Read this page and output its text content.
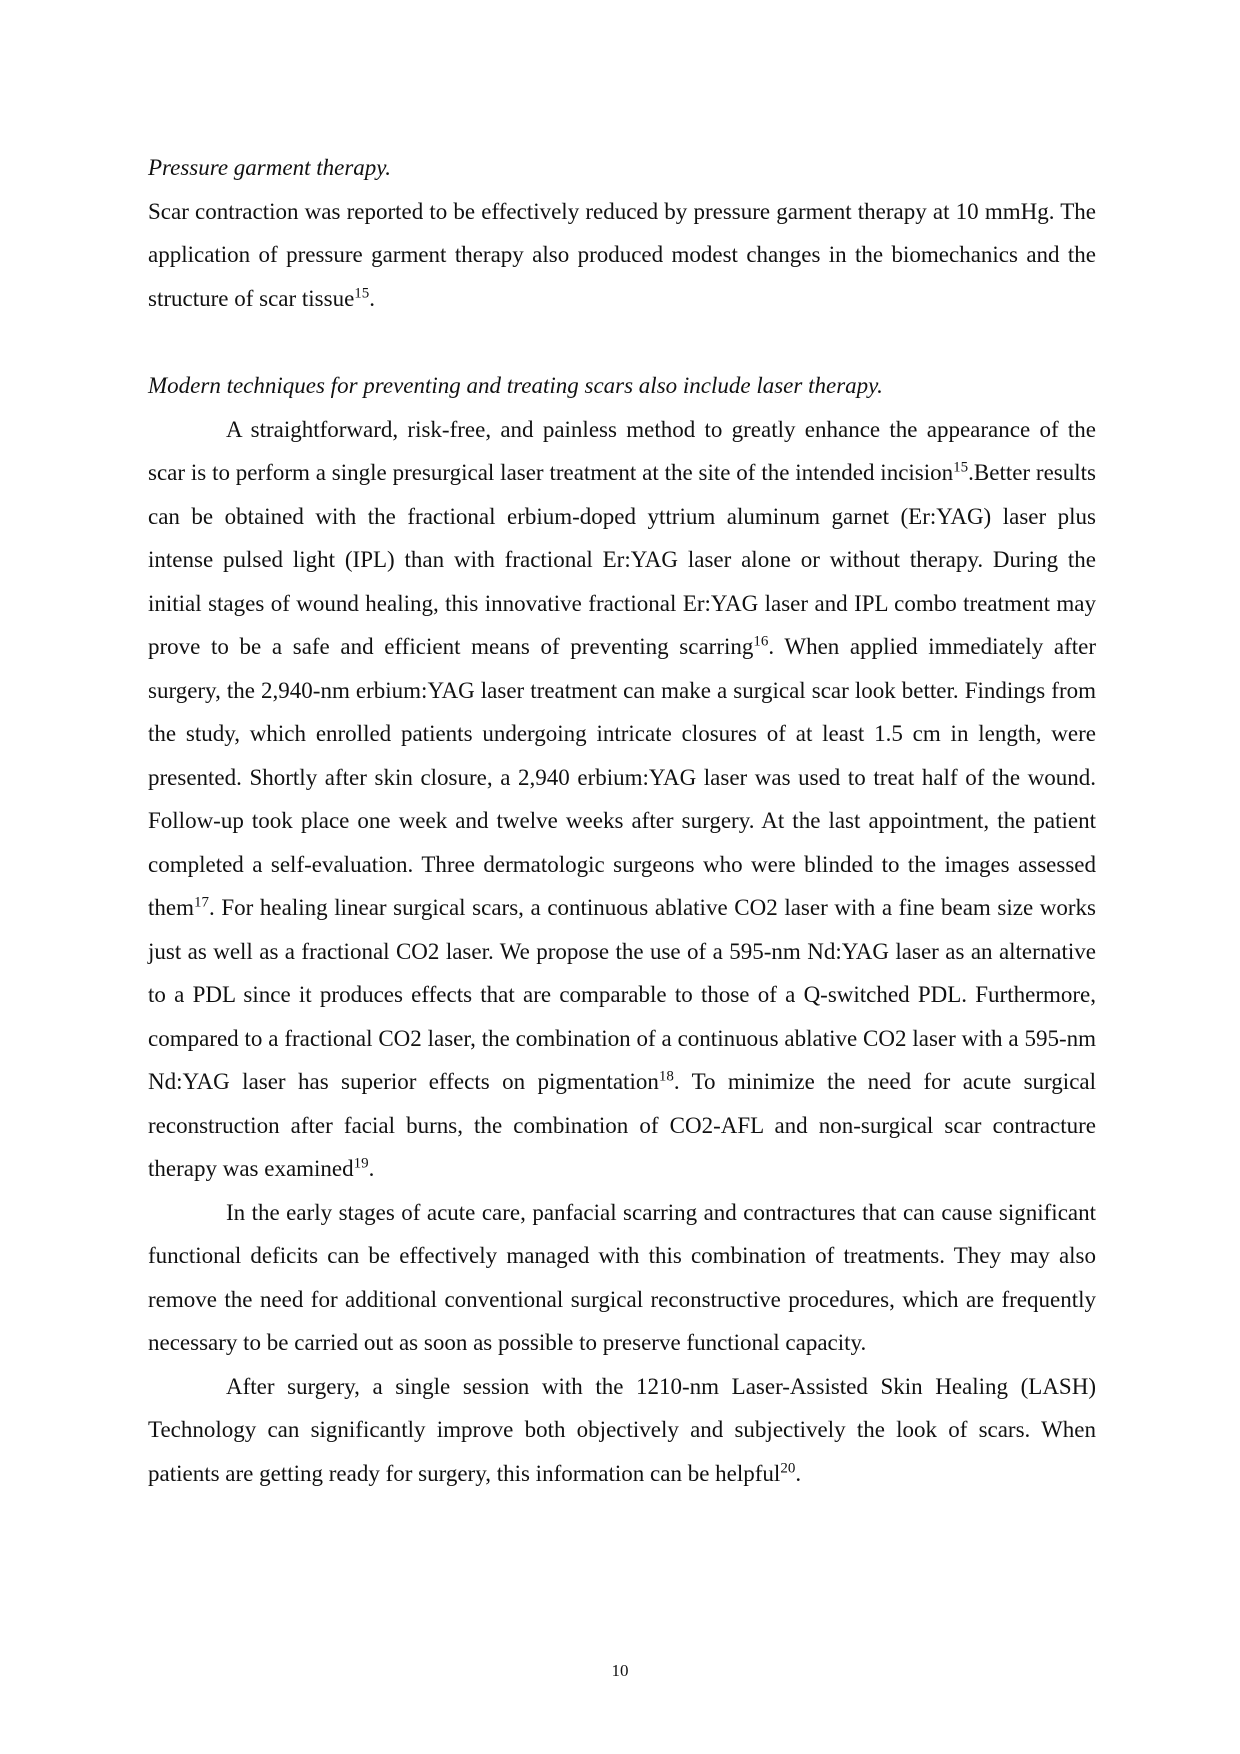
Pressure garment therapy.

Scar contraction was reported to be effectively reduced by pressure garment therapy at 10 mmHg. The application of pressure garment therapy also produced modest changes in the biomechanics and the structure of scar tissue$^{15}$.

Modern techniques for preventing and treating scars also include laser therapy.

A straightforward, risk-free, and painless method to greatly enhance the appearance of the scar is to perform a single presurgical laser treatment at the site of the intended incision$^{15}$.Better results can be obtained with the fractional erbium-doped yttrium aluminum garnet (Er:YAG) laser plus intense pulsed light (IPL) than with fractional Er:YAG laser alone or without therapy. During the initial stages of wound healing, this innovative fractional Er:YAG laser and IPL combo treatment may prove to be a safe and efficient means of preventing scarring$^{16}$. When applied immediately after surgery, the 2,940-nm erbium:YAG laser treatment can make a surgical scar look better. Findings from the study, which enrolled patients undergoing intricate closures of at least 1.5 cm in length, were presented. Shortly after skin closure, a 2,940 erbium:YAG laser was used to treat half of the wound. Follow-up took place one week and twelve weeks after surgery. At the last appointment, the patient completed a self-evaluation. Three dermatologic surgeons who were blinded to the images assessed them$^{17}$. For healing linear surgical scars, a continuous ablative CO2 laser with a fine beam size works just as well as a fractional CO2 laser. We propose the use of a 595-nm Nd:YAG laser as an alternative to a PDL since it produces effects that are comparable to those of a Q-switched PDL. Furthermore, compared to a fractional CO2 laser, the combination of a continuous ablative CO2 laser with a 595-nm Nd:YAG laser has superior effects on pigmentation$^{18}$. To minimize the need for acute surgical reconstruction after facial burns, the combination of CO2-AFL and non-surgical scar contracture therapy was examined$^{19}$.

In the early stages of acute care, panfacial scarring and contractures that can cause significant functional deficits can be effectively managed with this combination of treatments. They may also remove the need for additional conventional surgical reconstructive procedures, which are frequently necessary to be carried out as soon as possible to preserve functional capacity.

After surgery, a single session with the 1210-nm Laser-Assisted Skin Healing (LASH) Technology can significantly improve both objectively and subjectively the look of scars. When patients are getting ready for surgery, this information can be helpful$^{20}$.

10
